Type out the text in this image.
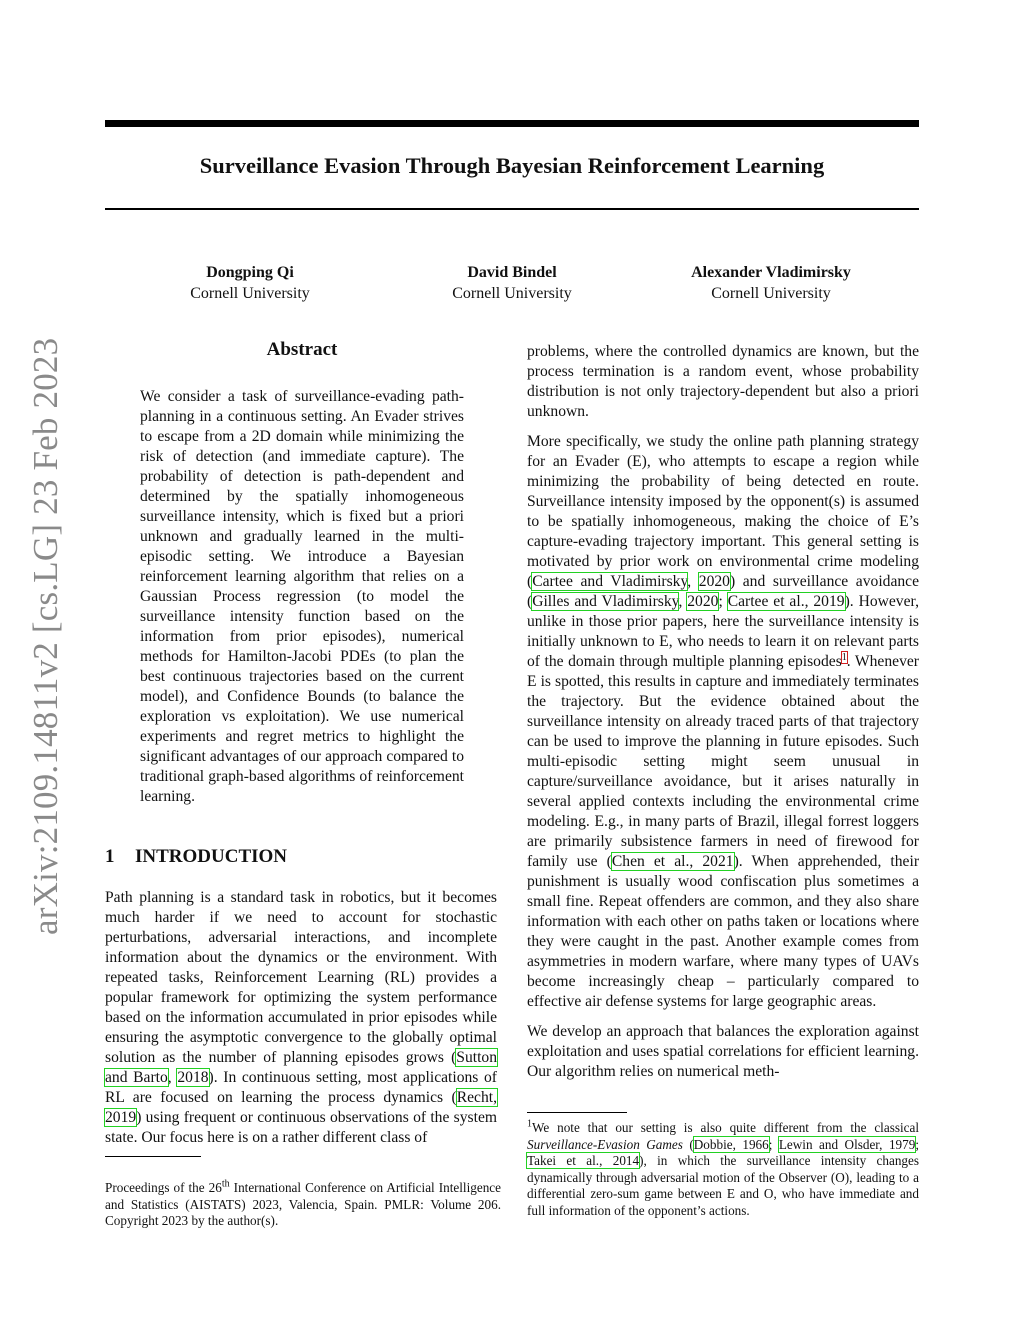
Surveillance Evasion Through Bayesian Reinforcement Learning
Dongping Qi
Cornell University
David Bindel
Cornell University
Alexander Vladimirsky
Cornell University
arXiv:2109.14811v2 [cs.LG] 23 Feb 2023	Abstract

We consider a task of surveillance-evading path-planning in a continuous setting. An Evader strives to escape from a 2D domain while minimizing the risk of detection (and immediate capture). The probability of detection is path-dependent and determined by the spatially inhomogeneous surveillance intensity, which is fixed but a priori unknown and gradually learned in the multi-episodic setting. We introduce a Bayesian reinforcement learning algorithm that relies on a Gaussian Process regression (to model the surveillance intensity function based on the information from prior episodes), numerical methods for Hamilton-Jacobi PDEs (to plan the best continuous trajectories based on the current model), and Confidence Bounds (to balance the exploration vs exploitation). We use numerical experiments and regret metrics to highlight the significant advantages of our approach compared to traditional graph-based algorithms of reinforcement learning.

1 INTRODUCTION

Path planning is a standard task in robotics, but it becomes much harder if we need to account for stochastic perturbations, adversarial interactions, and incomplete information about the dynamics or the environment. With repeated tasks, Reinforcement Learning (RL) provides a popular framework for optimizing the system performance based on the information accumulated in prior episodes while ensuring the asymptotic convergence to the globally optimal solution as the number of planning episodes grows (Sutton and Barto, 2018). In continuous setting, most applications of RL are focused on learning the process dynamics (Recht, 2019) using frequent or continuous observations of the system state. Our focus here is on a rather different class of

Proceedings of the 26th International Conference on Artificial Intelligence and Statistics (AISTATS) 2023, Valencia, Spain. PMLR: Volume 206. Copyright 2023 by the author(s).

problems, where the controlled dynamics are known, but the process termination is a random event, whose probability distribution is not only trajectory-dependent but also a priori unknown.

More specifically, we study the online path planning strategy for an Evader (E), who attempts to escape a region while minimizing the probability of being detected en route. Surveillance intensity imposed by the opponent(s) is assumed to be spatially inhomogeneous, making the choice of E’s capture-evading trajectory important. This general setting is motivated by prior work on environmental crime modeling (Cartee and Vladimirsky, 2020) and surveillance avoidance (Gilles and Vladimirsky, 2020; Cartee et al., 2019). However, unlike in those prior papers, here the surveillance intensity is initially unknown to E, who needs to learn it on relevant parts of the domain through multiple planning episodes$^1$. Whenever E is spotted, this results in capture and immediately terminates the trajectory. But the evidence obtained about the surveillance intensity on already traced parts of that trajectory can be used to improve the planning in future episodes. Such multi-episodic setting might seem unusual in capture/surveillance avoidance, but it arises naturally in several applied contexts including the environmental crime modeling. E.g., in many parts of Brazil, illegal forrest loggers are primarily subsistence farmers in need of firewood for family use (Chen et al., 2021). When apprehended, their punishment is usually wood confiscation plus sometimes a small fine. Repeat offenders are common, and they also share information with each other on paths taken or locations where they were caught in the past. Another example comes from asymmetries in modern warfare, where many types of UAVs become increasingly cheap – particularly compared to effective air defense systems for large geographic areas.

We develop an approach that balances the exploration against exploitation and uses spatial correlations for efficient learning. Our algorithm relies on numerical meth-

$^1$We note that our setting is also quite different from the classical Surveillance-Evasion Games (Dobbie, 1966; Lewin and Olsder, 1979; Takei et al., 2014), in which the surveillance intensity changes dynamically through adversarial motion of the Observer (O), leading to a differential zero-sum game between E and O, who have immediate and full information of the opponent’s actions.
